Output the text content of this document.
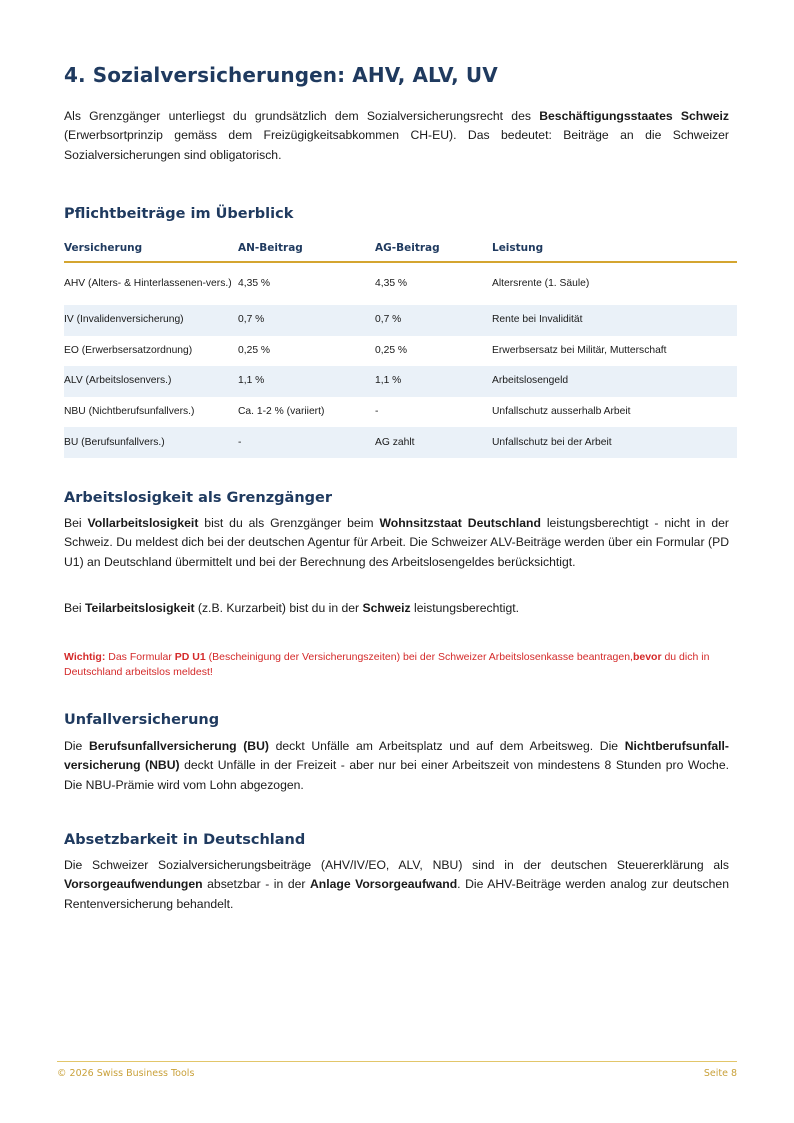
4. Sozialversicherungen: AHV, ALV, UV

Als Grenzgänger unterliegst du grundsätzlich dem Sozialversicherungsrecht des Beschäftigungsstaates Schweiz (Erwerbsortprinzip gemäss dem Freizügigkeitsabkommen CH-EU). Das bedeutet: Beiträge an die Schweizer Sozialversicherungen sind obligatorisch.

Pflichtbeiträge im Überblick
Versicherung	AN-Beitrag	AG-Beitrag	Leistung
AHV (Alters- & Hinterlassenen-vers.)	4,35 %	4,35 %	Altersrente (1. Säule)
IV (Invalidenversicherung)	0,7 %	0,7 %	Rente bei Invalidität
EO (Erwerbsersatzordnung)	0,25 %	0,25 %	Erwerbsersatz bei Militär, Mutterschaft
ALV (Arbeitslosenvers.)	1,1 %	1,1 %	Arbeitslosengeld
NBU (Nichtberufsunfallvers.)	Ca. 1-2 % (variiert)	-	Unfallschutz ausserhalb Arbeit
BU (Berufsunfallvers.)	-	AG zahlt	Unfallschutz bei der Arbeit
Arbeitslosigkeit als Grenzgänger

Bei Vollarbeitslosigkeit bist du als Grenzgänger beim Wohnsitzstaat Deutschland leistungsberechtigt - nicht in der Schweiz. Du meldest dich bei der deutschen Agentur für Arbeit. Die Schweizer ALV-Beiträge werden über ein Formular (PD U1) an Deutschland übermittelt und bei der Berechnung des Arbeitslosengeldes berücksichtigt.

Bei Teilarbeitslosigkeit (z.B. Kurzarbeit) bist du in der Schweiz leistungsberechtigt.

Wichtig: Das Formular PD U1 (Bescheinigung der Versicherungszeiten) bei der Schweizer Arbeitslosenkasse beantragen,bevor du dich in Deutschland arbeitslos meldest!
Unfallversicherung

Die Berufsunfallversicherung (BU) deckt Unfälle am Arbeitsplatz und auf dem Arbeitsweg. Die Nichtberufsunfall-versicherung (NBU) deckt Unfälle in der Freizeit - aber nur bei einer Arbeitszeit von mindestens 8 Stunden pro Woche. Die NBU-Prämie wird vom Lohn abgezogen.

Absetzbarkeit in Deutschland

Die Schweizer Sozialversicherungsbeiträge (AHV/IV/EO, ALV, NBU) sind in der deutschen Steuererklärung als Vorsorgeaufwendungen absetzbar - in der Anlage Vorsorgeaufwand. Die AHV-Beiträge werden analog zur deutschen Rentenversicherung behandelt.

© 2026 Swiss Business Tools	Seite 8
